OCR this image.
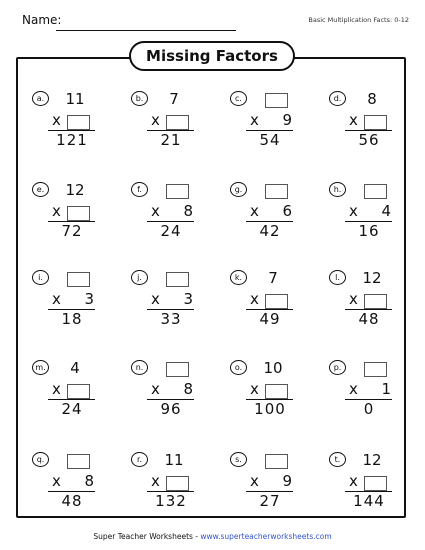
Name:	Basic Multiplication Facts: 0-12
Missing Factors
a.	11
x
121
b.	7
x
21
c.
x	9
54
d.	8
x
56
e.	12
x
72
f.
x	8
24
g.
x	6
42
h.
x	4
16
i.
x	3
18
j.
x	3
33
k.	7
x
49
l.	12
x
48
m.	4
x
24
n.
x	8
96
o.	10
x
100
p.
x	1
0
q.
x	8
48
r.	11
x
132
s.
x	9
27
t.	12
x
144
Super Teacher Worksheets - www.superteacherworksheets.com
